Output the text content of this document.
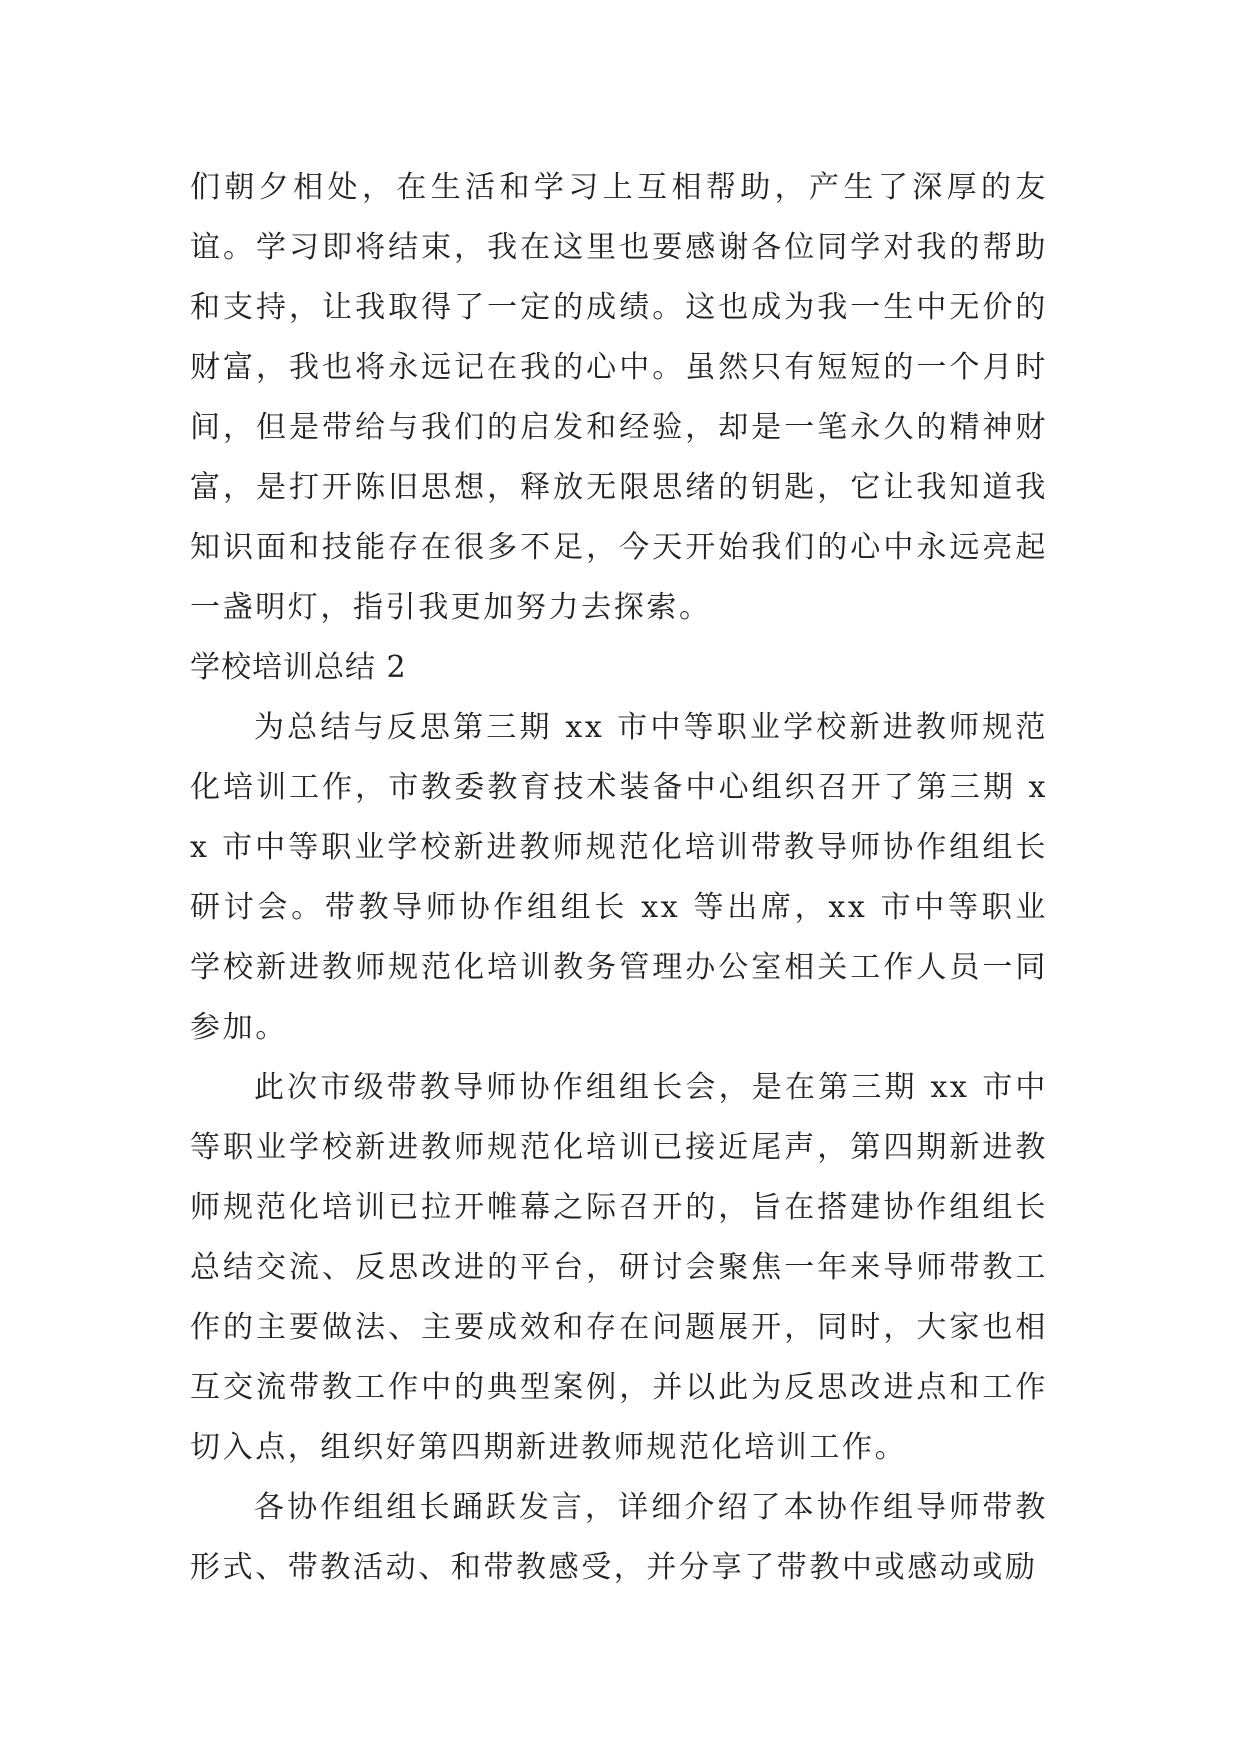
们朝夕相处，在生活和学习上互相帮助，产生了深厚的友谊。学习即将结束，我在这里也要感谢各位同学对我的帮助和支持，让我取得了一定的成绩。这也成为我一生中无价的财富，我也将永远记在我的心中。虽然只有短短的一个月时间，但是带给与我们的启发和经验，却是一笔永久的精神财富，是打开陈旧思想，释放无限思绪的钥匙，它让我知道我知识面和技能存在很多不足，今天开始我们的心中永远亮起一盏明灯，指引我更加努力去探索。

学校培训总结 2

为总结与反思第三期 xx 市中等职业学校新进教师规范化培训工作，市教委教育技术装备中心组织召开了第三期 xx 市中等职业学校新进教师规范化培训带教导师协作组组长研讨会。带教导师协作组组长 xx 等出席，xx 市中等职业学校新进教师规范化培训教务管理办公室相关工作人员一同参加。

此次市级带教导师协作组组长会，是在第三期 xx 市中等职业学校新进教师规范化培训已接近尾声，第四期新进教师规范化培训已拉开帷幕之际召开的，旨在搭建协作组组长总结交流、反思改进的平台，研讨会聚焦一年来导师带教工作的主要做法、主要成效和存在问题展开，同时，大家也相互交流带教工作中的典型案例，并以此为反思改进点和工作切入点，组织好第四期新进教师规范化培训工作。

各协作组组长踊跃发言，详细介绍了本协作组导师带教形式、带教活动、和带教感受，并分享了带教中或感动或励
